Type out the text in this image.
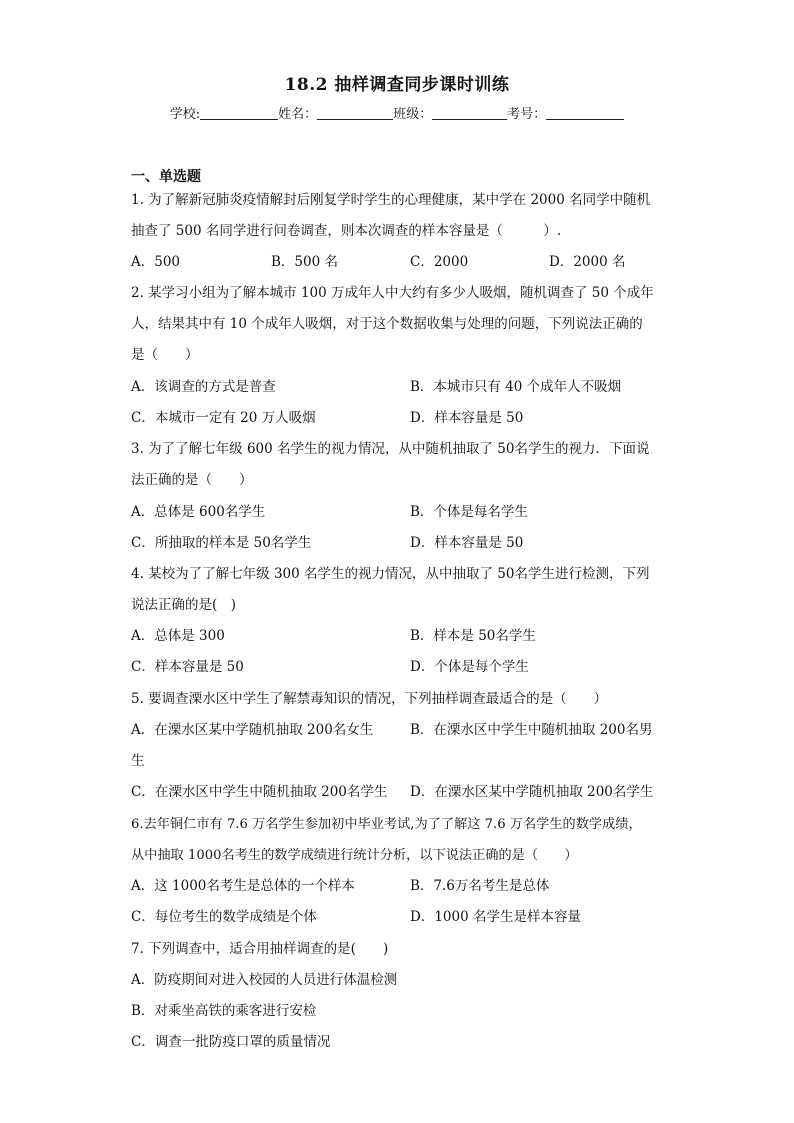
18.2 抽样调查同步课时训练
学校:	姓名：	班级：	考号：
一、单选题
1. 为了解新冠肺炎疫情解封后刚复学时学生的心理健康，某中学在 2000 名同学中随机
抽查了 500 名同学进行问卷调查，则本次调查的样本容量是（　　　）.
A．500	B．500 名	C．2000	D．2000 名
2. 某学习小组为了解本城市 100 万成年人中大约有多少人吸烟，随机调查了 50 个成年
人，结果其中有 10 个成年人吸烟，对于这个数据收集与处理的问题，下列说法正确的
是（　　）
A．该调查的方式是普查	B．本城市只有 40 个成年人不吸烟
C．本城市一定有 20 万人吸烟	D．样本容量是 50
3. 为了了解七年级 600 名学生的视力情况，从中随机抽取了 50名学生的视力．下面说
法正确的是（　　）
A．总体是 600名学生	B．个体是每名学生
C．所抽取的样本是 50名学生	D．样本容量是 50
4. 某校为了了解七年级 300 名学生的视力情况，从中抽取了 50名学生进行检测，下列
说法正确的是(　)
A．总体是 300	B．样本是 50名学生
C．样本容量是 50	D．个体是每个学生
5. 要调查溧水区中学生了解禁毒知识的情况，下列抽样调查最适合的是（　　）
A．在溧水区某中学随机抽取 200名女生	B．在溧水区中学生中随机抽取 200名男
生
C．在溧水区中学生中随机抽取 200名学生 D．在溧水区某中学随机抽取 200名学生
6.去年铜仁市有 7.6 万名学生参加初中毕业考试,为了了解这 7.6 万名学生的数学成绩，
从中抽取 1000名考生的数学成绩进行统计分析，以下说法正确的是（　　）
A．这 1000名考生是总体的一个样本	B．7.6万名考生是总体
C．每位考生的数学成绩是个体	D．1000 名学生是样本容量
7. 下列调查中，适合用抽样调查的是(　　)
A．防疫期间对进入校园的人员进行体温检测
B．对乘坐高铁的乘客进行安检
C．调查一批防疫口罩的质量情况
